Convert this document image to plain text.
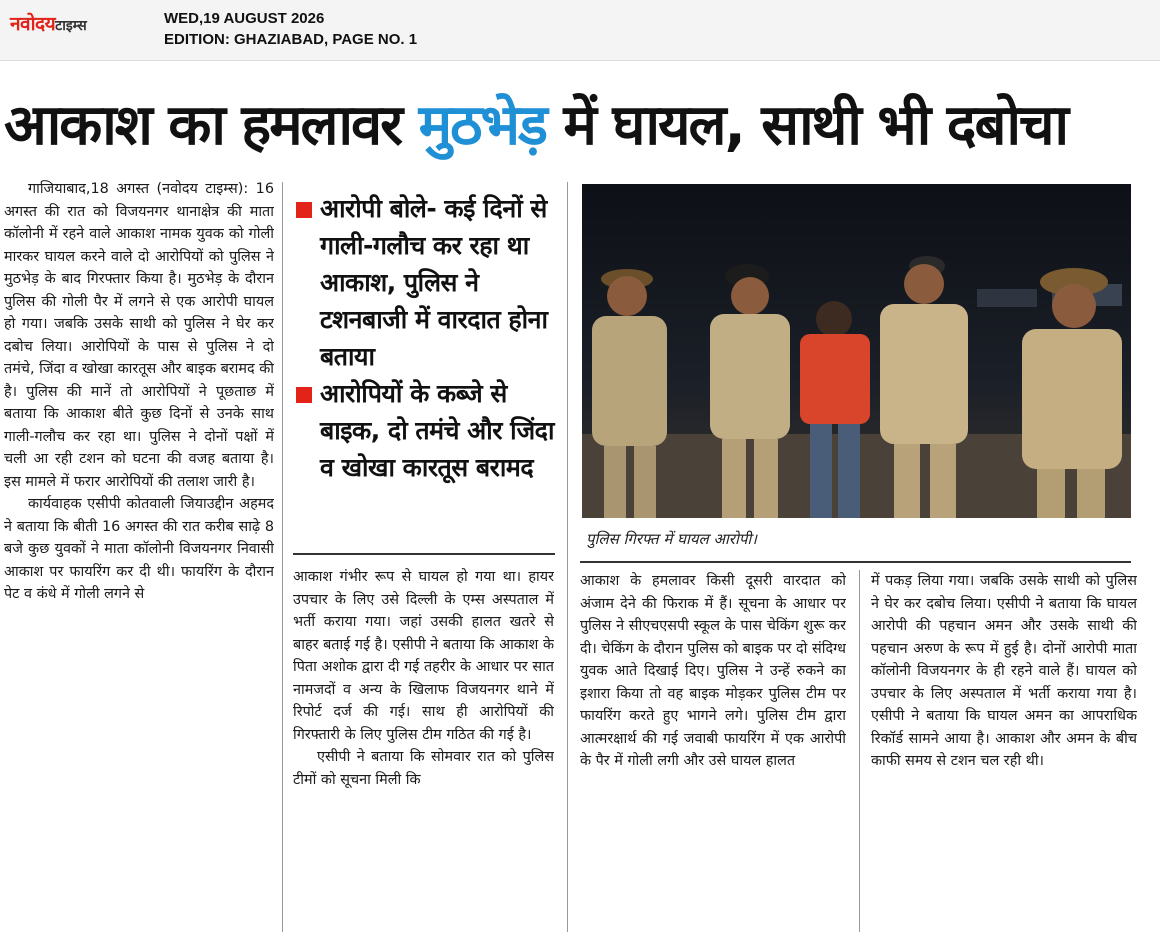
नवोदयटाइम्स	WED,19 AUGUST 2026
EDITION: GHAZIABAD, PAGE NO. 1
आकाश का हमलावर मुठभेड़ में घायल, साथी भी दबोचा

गाजियाबाद,18 अगस्त (नवोदय टाइम्स): 16 अगस्त की रात को विजयनगर थानाक्षेत्र की माता कॉलोनी में रहने वाले आकाश नामक युवक को गोली मारकर घायल करने वाले दो आरोपियों को पुलिस ने मुठभेड़ के बाद गिरफ्तार किया है। मुठभेड़ के दौरान पुलिस की गोली पैर में लगने से एक आरोपी घायल हो गया। जबकि उसके साथी को पुलिस ने घेर कर दबोच लिया। आरोपियों के पास से पुलिस ने दो तमंचे, जिंदा व खोखा कारतूस और बाइक बरामद की है। पुलिस की मानें तो आरोपियों ने पूछताछ में बताया कि आकाश बीते कुछ दिनों से उनके साथ गाली-गलौच कर रहा था। पुलिस ने दोनों पक्षों में चली आ रही टशन को घटना की वजह बताया है। इस मामले में फरार आरोपियों की तलाश जारी है।

कार्यवाहक एसीपी कोतवाली जियाउद्दीन अहमद ने बताया कि बीती 16 अगस्त की रात करीब साढ़े 8 बजे कुछ युवकों ने माता कॉलोनी विजयनगर निवासी आकाश पर फायरिंग कर दी थी। फायरिंग के दौरान पेट व कंधे में गोली लगने से

आरोपी बोले- कई दिनों से गाली-गलौच कर रहा था आकाश, पुलिस ने टशनबाजी में वारदात होना बताया
आरोपियों के कब्जे से बाइक, दो तमंचे और जिंदा व खोखा कारतूस बरामद

आकाश गंभीर रूप से घायल हो गया था। हायर उपचार के लिए उसे दिल्ली के एम्स अस्पताल में भर्ती कराया गया। जहां उसकी हालत खतरे से बाहर बताई गई है। एसीपी ने बताया कि आकाश के पिता अशोक द्वारा दी गई तहरीर के आधार पर सात नामजदों व अन्य के खिलाफ विजयनगर थाने में रिपोर्ट दर्ज की गई। साथ ही आरोपियों की गिरफ्तारी के लिए पुलिस टीम गठित की गई है।

एसीपी ने बताया कि सोमवार रात को पुलिस टीमों को सूचना मिली कि

पुलिस गिरफ्त में घायल आरोपी।

आकाश के हमलावर किसी दूसरी वारदात को अंजाम देने की फिराक में हैं। सूचना के आधार पर पुलिस ने सीएचएसपी स्कूल के पास चेकिंग शुरू कर दी। चेकिंग के दौरान पुलिस को बाइक पर दो संदिग्ध युवक आते दिखाई दिए। पुलिस ने उन्हें रुकने का इशारा किया तो वह बाइक मोड़कर पुलिस टीम पर फायरिंग करते हुए भागने लगे। पुलिस टीम द्वारा आत्मरक्षार्थ की गई जवाबी फायरिंग में एक आरोपी के पैर में गोली लगी और उसे घायल हालत

में पकड़ लिया गया। जबकि उसके साथी को पुलिस ने घेर कर दबोच लिया। एसीपी ने बताया कि घायल आरोपी की पहचान अमन और उसके साथी की पहचान अरुण के रूप में हुई है। दोनों आरोपी माता कॉलोनी विजयनगर के ही रहने वाले हैं। घायल को उपचार के लिए अस्पताल में भर्ती कराया गया है। एसीपी ने बताया कि घायल अमन का आपराधिक रिकॉर्ड सामने आया है। आकाश और अमन के बीच काफी समय से टशन चल रही थी।
